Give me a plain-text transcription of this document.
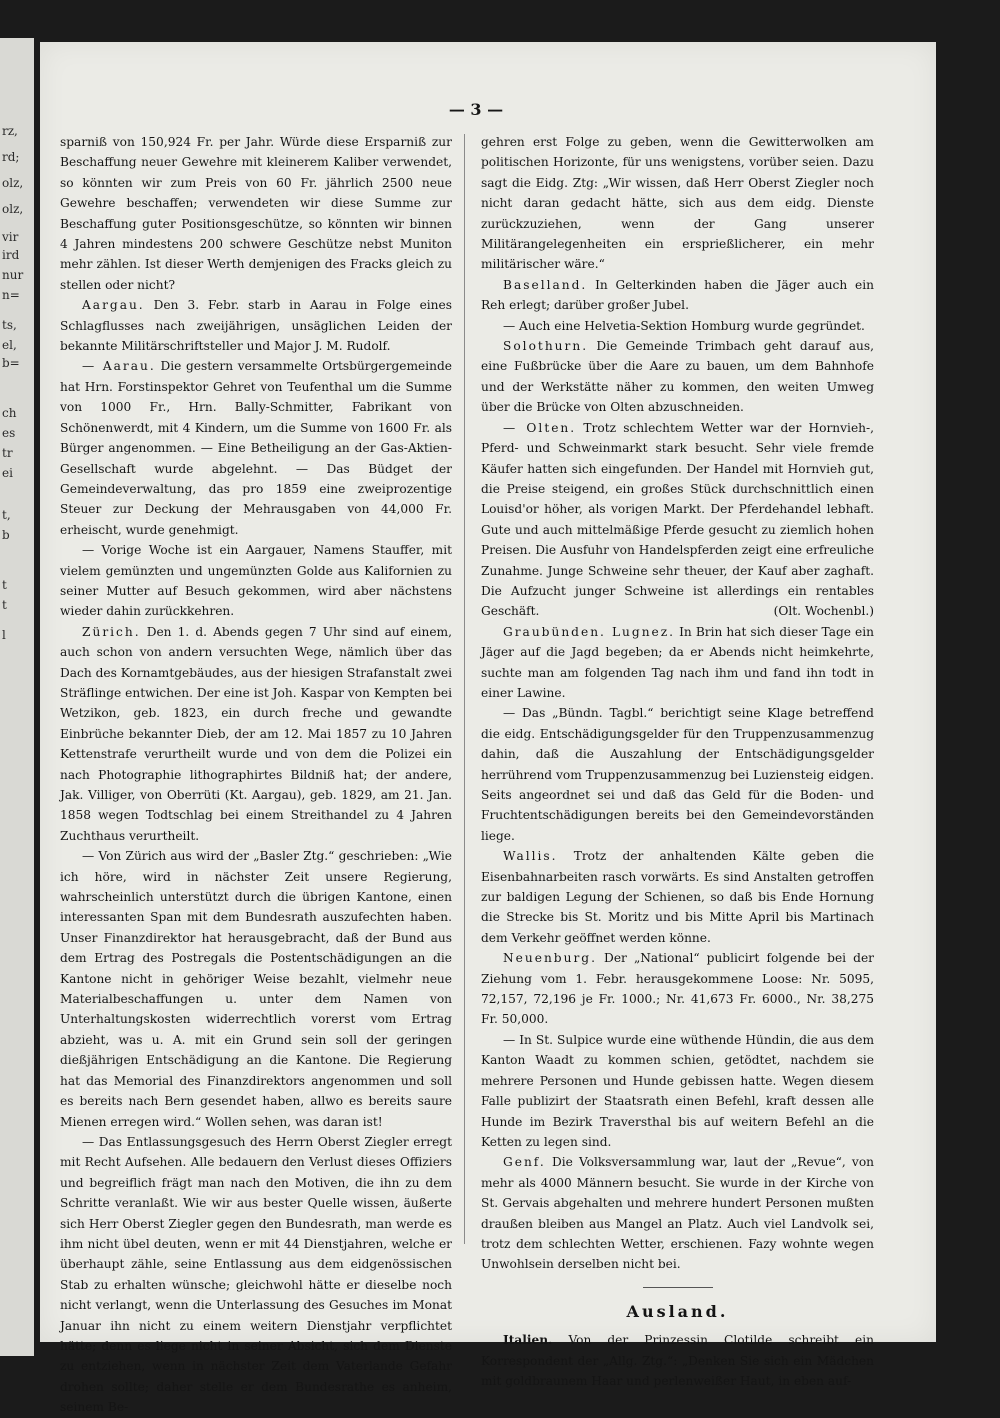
rz,
rd;
olz,
olz,
vir
ird
nur
n=
ts,
el,
b=
ch
es
tr
ei
t,
b
t
t
l
— 3 —

sparniß von 150,924 Fr. per Jahr. Würde diese Ersparniß zur Beschaffung neuer Gewehre mit kleinerem Kaliber verwendet, so könnten wir zum Preis von 60 Fr. jährlich 2500 neue Gewehre beschaffen; verwendeten wir diese Summe zur Beschaffung guter Positionsgeschütze, so könnten wir binnen 4 Jahren mindestens 200 schwere Geschütze nebst Muniton mehr zählen. Ist dieser Werth demjenigen des Fracks gleich zu stellen oder nicht?

Aargau. Den 3. Febr. starb in Aarau in Folge eines Schlagflusses nach zweijährigen, unsäglichen Leiden der bekannte Militärschriftsteller und Major J. M. Rudolf.

— Aarau. Die gestern versammelte Ortsbürgergemeinde hat Hrn. Forstinspektor Gehret von Teufenthal um die Summe von 1000 Fr., Hrn. Bally-Schmitter, Fabrikant von Schönenwerdt, mit 4 Kindern, um die Summe von 1600 Fr. als Bürger angenommen. — Eine Betheiligung an der Gas-Aktien-Gesellschaft wurde abgelehnt. — Das Büdget der Gemeindeverwaltung, das pro 1859 eine zweiprozentige Steuer zur Deckung der Mehrausgaben von 44,000 Fr. erheischt, wurde genehmigt.

— Vorige Woche ist ein Aargauer, Namens Stauffer, mit vielem gemünzten und ungemünzten Golde aus Kalifornien zu seiner Mutter auf Besuch gekommen, wird aber nächstens wieder dahin zurückkehren.

Zürich. Den 1. d. Abends gegen 7 Uhr sind auf einem, auch schon von andern versuchten Wege, nämlich über das Dach des Kornamtgebäudes, aus der hiesigen Strafanstalt zwei Sträflinge entwichen. Der eine ist Joh. Kaspar von Kempten bei Wetzikon, geb. 1823, ein durch freche und gewandte Einbrüche bekannter Dieb, der am 12. Mai 1857 zu 10 Jahren Kettenstrafe verurtheilt wurde und von dem die Polizei ein nach Photographie lithographirtes Bildniß hat; der andere, Jak. Villiger, von Oberrüti (Kt. Aargau), geb. 1829, am 21. Jan. 1858 wegen Todtschlag bei einem Streithandel zu 4 Jahren Zuchthaus verurtheilt.

— Von Zürich aus wird der „Basler Ztg.“ geschrieben: „Wie ich höre, wird in nächster Zeit unsere Regierung, wahrscheinlich unterstützt durch die übrigen Kantone, einen interessanten Span mit dem Bundesrath auszufechten haben. Unser Finanzdirektor hat herausgebracht, daß der Bund aus dem Ertrag des Postregals die Postentschädigungen an die Kantone nicht in gehöriger Weise bezahlt, vielmehr neue Materialbeschaffungen u. unter dem Namen von Unterhaltungskosten widerrechtlich vorerst vom Ertrag abzieht, was u. A. mit ein Grund sein soll der geringen dießjährigen Entschädigung an die Kantone. Die Regierung hat das Memorial des Finanzdirektors angenommen und soll es bereits nach Bern gesendet haben, allwo es bereits saure Mienen erregen wird.“ Wollen sehen, was daran ist!

— Das Entlassungsgesuch des Herrn Oberst Ziegler erregt mit Recht Aufsehen. Alle bedauern den Verlust dieses Offiziers und begreiflich frägt man nach den Motiven, die ihn zu dem Schritte veranlaßt. Wie wir aus bester Quelle wissen, äußerte sich Herr Oberst Ziegler gegen den Bundesrath, man werde es ihm nicht übel deuten, wenn er mit 44 Dienstjahren, welche er überhaupt zähle, seine Entlassung aus dem eidgenössischen Stab zu erhalten wünsche; gleichwohl hätte er dieselbe noch nicht verlangt, wenn die Unterlassung des Gesuches im Monat Januar ihn nicht zu einem weitern Dienstjahr verpflichtet hätte; denn es liege nicht in seiner Absicht, sich dem Dienste zu entziehen, wenn in nächster Zeit dem Vaterlande Gefahr drohen sollte; daher stelle er dem Bundesrathe es anheim, seinem Be-

gehren erst Folge zu geben, wenn die Gewitterwolken am politischen Horizonte, für uns wenigstens, vorüber seien. Dazu sagt die Eidg. Ztg: „Wir wissen, daß Herr Oberst Ziegler noch nicht daran gedacht hätte, sich aus dem eidg. Dienste zurückzuziehen, wenn der Gang unserer Militärangelegenheiten ein ersprießlicherer, ein mehr militärischer wäre.“

Baselland. In Gelterkinden haben die Jäger auch ein Reh erlegt; darüber großer Jubel.

— Auch eine Helvetia-Sektion Homburg wurde gegründet.

Solothurn. Die Gemeinde Trimbach geht darauf aus, eine Fußbrücke über die Aare zu bauen, um dem Bahnhofe und der Werkstätte näher zu kommen, den weiten Umweg über die Brücke von Olten abzuschneiden.

— Olten. Trotz schlechtem Wetter war der Hornvieh-, Pferd- und Schweinmarkt stark besucht. Sehr viele fremde Käufer hatten sich eingefunden. Der Handel mit Hornvieh gut, die Preise steigend, ein großes Stück durchschnittlich einen Louisd'or höher, als vorigen Markt. Der Pferdehandel lebhaft. Gute und auch mittelmäßige Pferde gesucht zu ziemlich hohen Preisen. Die Ausfuhr von Handelspferden zeigt eine erfreuliche Zunahme. Junge Schweine sehr theuer, der Kauf aber zaghaft. Die Aufzucht junger Schweine ist allerdings ein rentables Geschäft.	(Olt. Wochenbl.)

Graubünden. Lugnez. In Brin hat sich dieser Tage ein Jäger auf die Jagd begeben; da er Abends nicht heimkehrte, suchte man am folgenden Tag nach ihm und fand ihn todt in einer Lawine.

— Das „Bündn. Tagbl.“ berichtigt seine Klage betreffend die eidg. Entschädigungsgelder für den Truppenzusammenzug dahin, daß die Auszahlung der Entschädigungsgelder herrührend vom Truppenzusammenzug bei Luziensteig eidgen. Seits angeordnet sei und daß das Geld für die Boden- und Fruchtentschädigungen bereits bei den Gemeindevorständen liege.

Wallis. Trotz der anhaltenden Kälte geben die Eisenbahnarbeiten rasch vorwärts. Es sind Anstalten getroffen zur baldigen Legung der Schienen, so daß bis Ende Hornung die Strecke bis St. Moritz und bis Mitte April bis Martinach dem Verkehr geöffnet werden könne.

Neuenburg. Der „National“ publicirt folgende bei der Ziehung vom 1. Febr. herausgekommene Loose: Nr. 5095, 72,157, 72,196 je Fr. 1000.; Nr. 41,673 Fr. 6000., Nr. 38,275 Fr. 50,000.

— In St. Sulpice wurde eine wüthende Hündin, die aus dem Kanton Waadt zu kommen schien, getödtet, nachdem sie mehrere Personen und Hunde gebissen hatte. Wegen diesem Falle publizirt der Staatsrath einen Befehl, kraft dessen alle Hunde im Bezirk Traversthal bis auf weitern Befehl an die Ketten zu legen sind.

Genf. Die Volksversammlung war, laut der „Revue“, von mehr als 4000 Männern besucht. Sie wurde in der Kirche von St. Gervais abgehalten und mehrere hundert Personen mußten draußen bleiben aus Mangel an Platz. Auch viel Landvolk sei, trotz dem schlechten Wetter, erschienen. Fazy wohnte wegen Unwohlsein derselben nicht bei.

Ausland.

Italien. Von der Prinzessin Clotilde schreibt ein Korrespondent der „Allg. Ztg.“: „Denken Sie sich ein Mädchen mit goldbraunem Haar und perlenweißer Haut, in eben auf-
